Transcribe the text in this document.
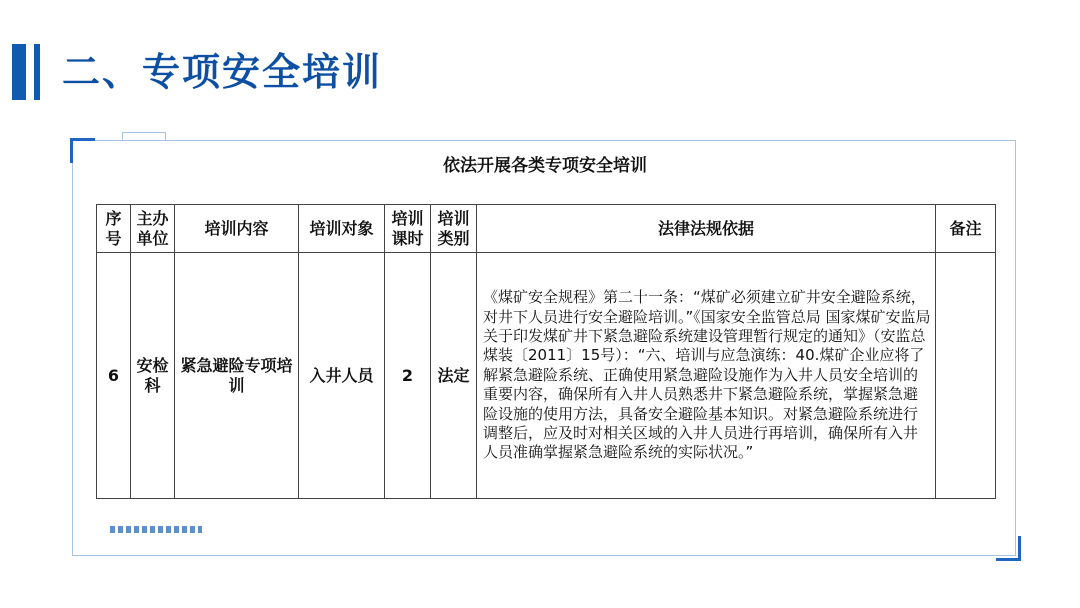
二、专项安全培训
依法开展各类专项安全培训
序号	主办单位	培训内容	培训对象	培训课时	培训类别	法律法规依据	备注
6	安检科	紧急避险专项培训	入井人员	2	法定	《煤矿安全规程》第二十一条：“煤矿必须建立矿井安全避险系统，对井下人员进行安全避险培训。”《国家安全监管总局 国家煤矿安监局关于印发煤矿井下紧急避险系统建设管理暂行规定的通知》（安监总煤装〔2011〕15号）：“六、培训与应急演练：40.煤矿企业应将了解紧急避险系统、正确使用紧急避险设施作为入井人员安全培训的重要内容，确保所有入井人员熟悉井下紧急避险系统，掌握紧急避险设施的使用方法，具备安全避险基本知识。对紧急避险系统进行调整后，应及时对相关区域的入井人员进行再培训，确保所有入井人员准确掌握紧急避险系统的实际状况。”	
